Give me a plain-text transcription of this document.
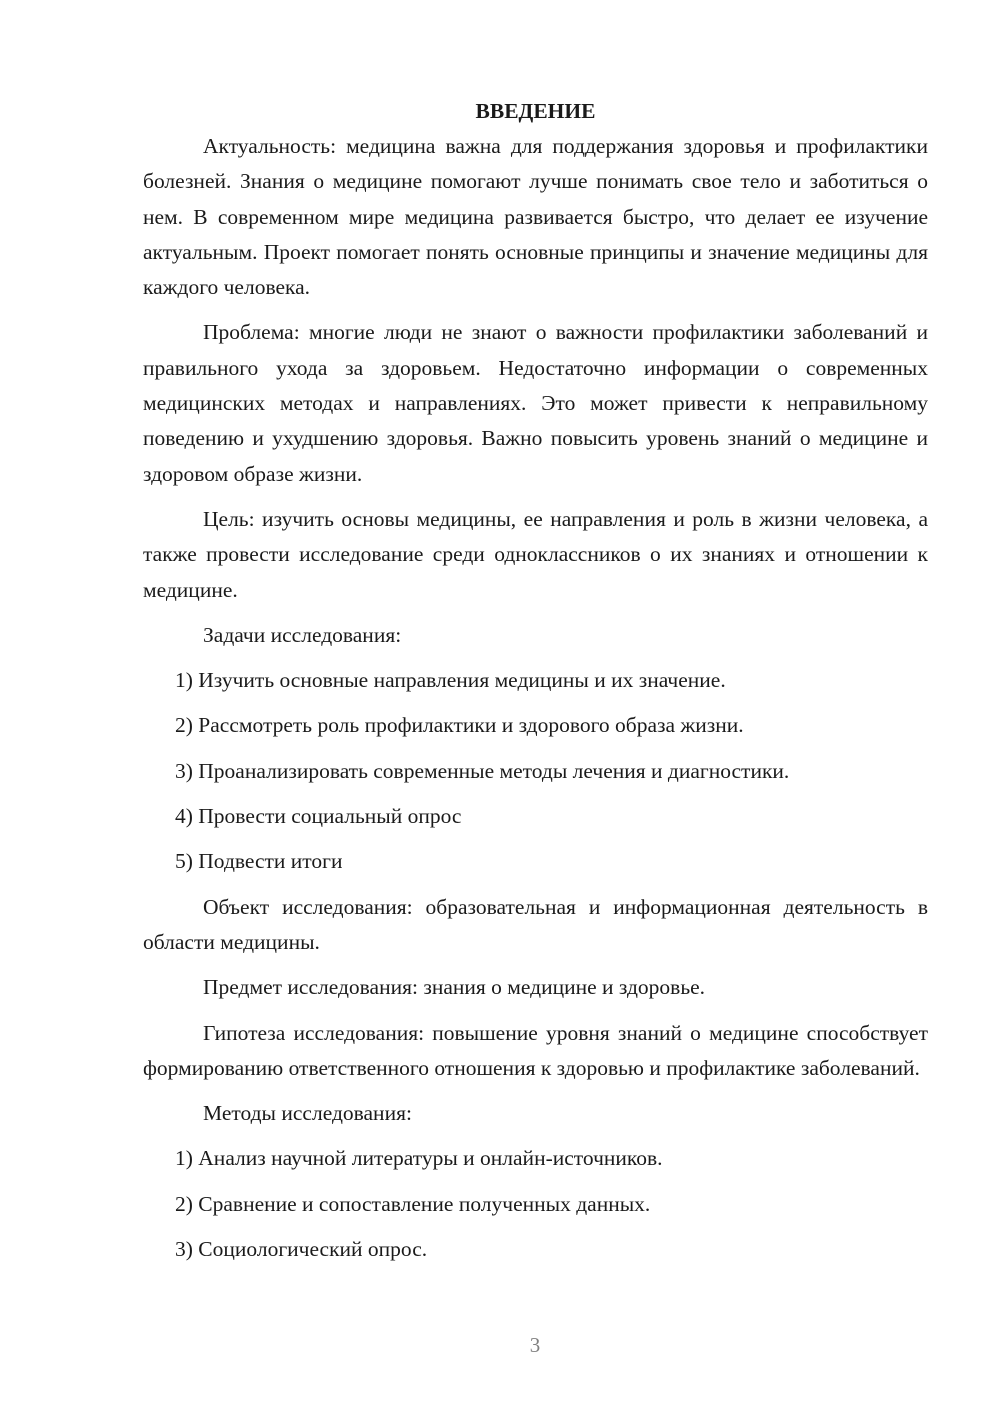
ВВЕДЕНИЕ

Актуальность: медицина важна для поддержания здоровья и профилактики болезней. Знания о медицине помогают лучше понимать свое тело и заботиться о нем. В современном мире медицина развивается быстро, что делает ее изучение актуальным. Проект помогает понять основные принципы и значение медицины для каждого человека.

Проблема: многие люди не знают о важности профилактики заболеваний и правильного ухода за здоровьем. Недостаточно информации о современных медицинских методах и направлениях. Это может привести к неправильному поведению и ухудшению здоровья. Важно повысить уровень знаний о медицине и здоровом образе жизни.

Цель: изучить основы медицины, ее направления и роль в жизни человека, а также провести исследование среди одноклассников о их знаниях и отношении к медицине.

Задачи исследования:

1) Изучить основные направления медицины и их значение.

2) Рассмотреть роль профилактики и здорового образа жизни.

3) Проанализировать современные методы лечения и диагностики.

4) Провести социальный опрос

5) Подвести итоги

Объект исследования: образовательная и информационная деятельность в области медицины.

Предмет исследования: знания о медицине и здоровье.

Гипотеза исследования: повышение уровня знаний о медицине способствует формированию ответственного отношения к здоровью и профилактике заболеваний.

Методы исследования:

1) Анализ научной литературы и онлайн-источников.

2) Сравнение и сопоставление полученных данных.

3) Социологический опрос.

3
